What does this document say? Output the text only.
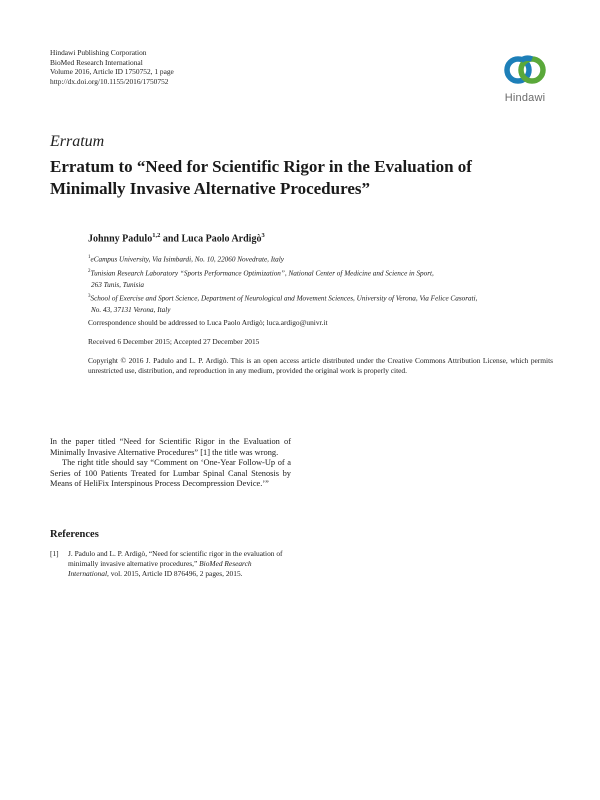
Hindawi Publishing Corporation
BioMed Research International
Volume 2016, Article ID 1750752, 1 page
http://dx.doi.org/10.1155/2016/1750752
Hindawi
Erratum
Erratum to “Need for Scientific Rigor in the Evaluation of
Minimally Invasive Alternative Procedures”
Johnny Padulo$^{1,2}$ and Luca Paolo Ardigò$^3$

$^1$eCampus University, Via Isimbardi, No. 10, 22060 Novedrate, Italy

$^2$Tunisian Research Laboratory “Sports Performance Optimization”, National Center of Medicine and Science in Sport,
263 Tunis, Tunisia

$^3$School of Exercise and Sport Science, Department of Neurological and Movement Sciences, University of Verona, Via Felice Casorati,
No. 43, 37131 Verona, Italy

Correspondence should be addressed to Luca Paolo Ardigò; luca.ardigo@univr.it
Received 6 December 2015; Accepted 27 December 2015
Copyright © 2016 J. Padulo and L. P. Ardigò. This is an open access article distributed under the Creative Commons Attribution License, which permits unrestricted use, distribution, and reproduction in any medium, provided the original work is properly cited.

In the paper titled “Need for Scientific Rigor in the Evaluation of Minimally Invasive Alternative Procedures” [1] the title was wrong.

The right title should say “Comment on ‘One-Year Follow-Up of a Series of 100 Patients Treated for Lumbar Spinal Canal Stenosis by Means of HeliFix Interspinous Process Decompression Device.’”

References
[1]	J. Padulo and L. P. Ardigò, “Need for scientific rigor in the evaluation of minimally invasive alternative procedures,” BioMed Research International, vol. 2015, Article ID 876496, 2 pages, 2015.
